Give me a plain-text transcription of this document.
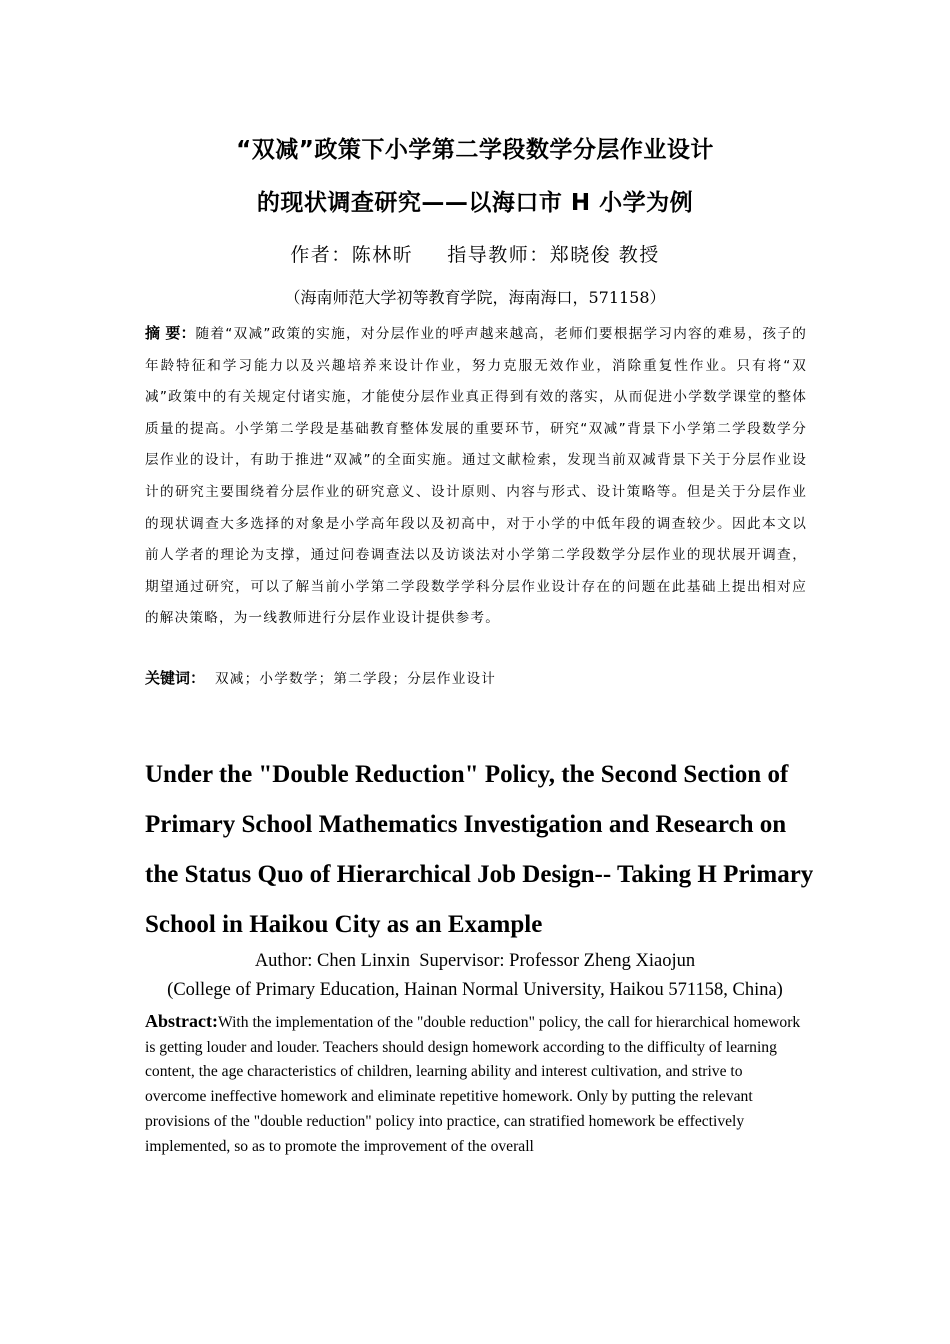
“双减”政策下小学第二学段数学分层作业设计
的现状调查研究——以海口市 H 小学为例
作者：陈林昕 指导教师：郑晓俊 教授
（海南师范大学初等教育学院，海南海口，571158）
摘 要：随着“双减”政策的实施，对分层作业的呼声越来越高，老师们要根据学习内容的难易，孩子的年龄特征和学习能力以及兴趣培养来设计作业，努力克服无效作业，消除重复性作业。只有将“双减”政策中的有关规定付诸实施，才能使分层作业真正得到有效的落实，从而促进小学数学课堂的整体质量的提高。小学第二学段是基础教育整体发展的重要环节，研究“双减”背景下小学第二学段数学分层作业的设计，有助于推进“双减”的全面实施。通过文献检索，发现当前双减背景下关于分层作业设计的研究主要围绕着分层作业的研究意义、设计原则、内容与形式、设计策略等。但是关于分层作业的现状调查大多选择的对象是小学高年段以及初高中，对于小学的中低年段的调查较少。因此本文以前人学者的理论为支撑，通过问卷调查法以及访谈法对小学第二学段数学分层作业的现状展开调查，期望通过研究，可以了解当前小学第二学段数学学科分层作业设计存在的问题在此基础上提出相对应的解决策略，为一线教师进行分层作业设计提供参考。
关键词： 双减；小学数学；第二学段；分层作业设计
Under the "Double Reduction" Policy, the Second Section of Primary School Mathematics Investigation and Research on the Status Quo of Hierarchical Job Design-- Taking H Primary School in Haikou City as an Example
Author: Chen Linxin  Supervisor: Professor Zheng Xiaojun
(College of Primary Education, Hainan Normal University, Haikou 571158, China)
Abstract:With the implementation of the "double reduction" policy, the call for hierarchical homework is getting louder and louder. Teachers should design homework according to the difficulty of learning content, the age characteristics of children, learning ability and interest cultivation, and strive to overcome ineffective homework and eliminate repetitive homework. Only by putting the relevant provisions of the "double reduction" policy into practice, can stratified homework be effectively implemented, so as to promote the improvement of the overall
